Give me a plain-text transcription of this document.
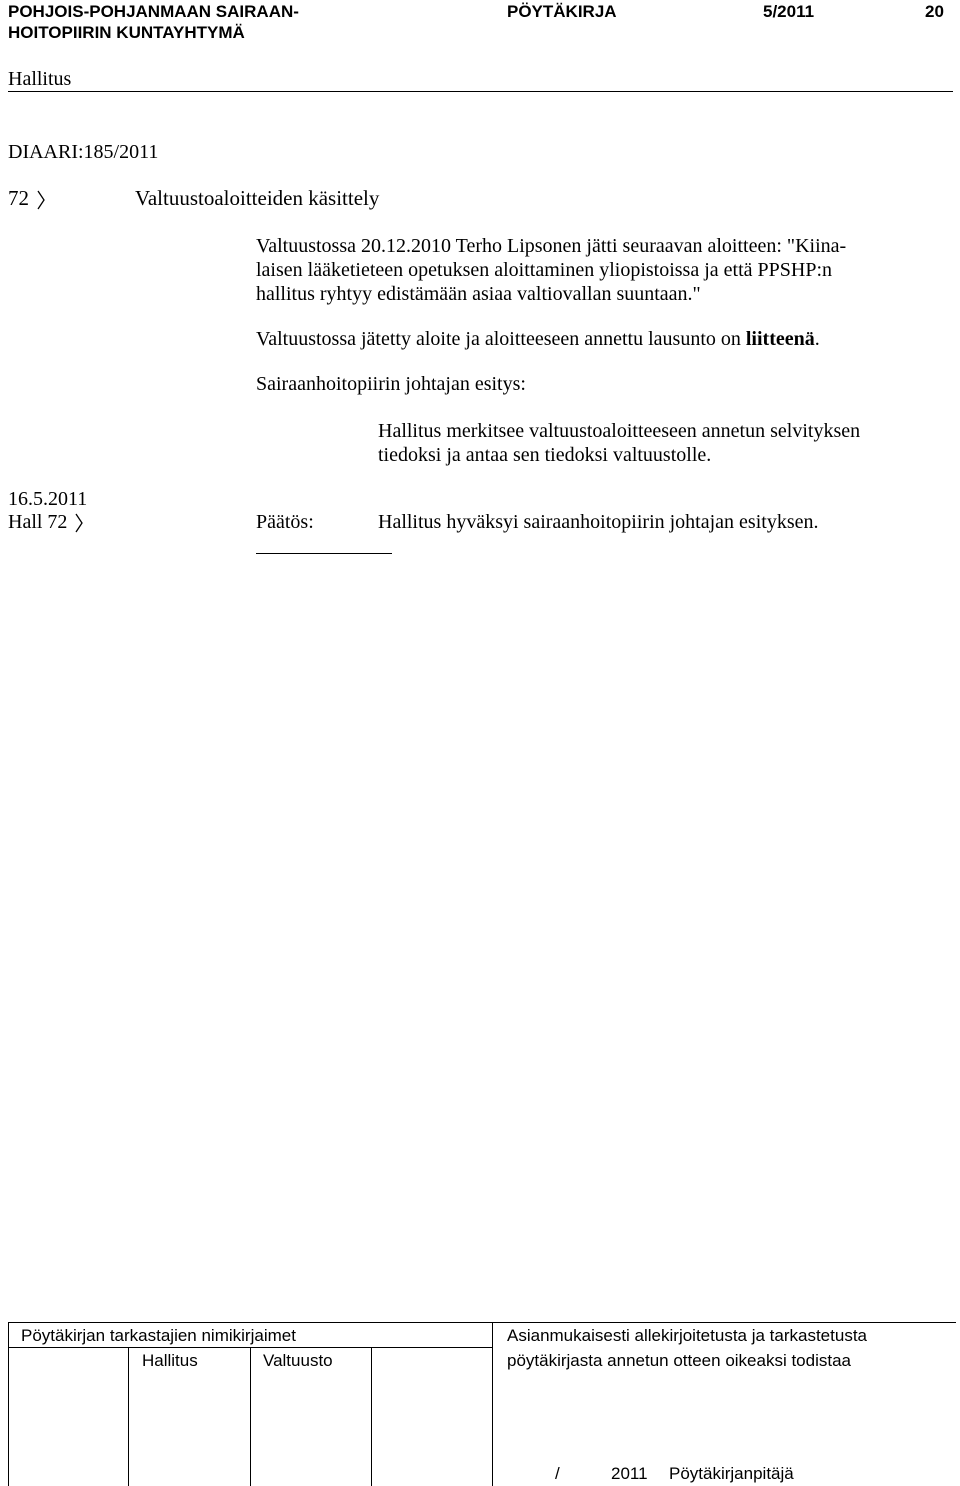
POHJOIS-POHJANMAAN SAIRAAN-
HOITOPIIRIN KUNTAYHTYMÄ
PÖYTÄKIRJA	5/2011	20
Hallitus
DIAARI:185/2011
72	Valtuustoaloitteiden käsittely
Valtuustossa 20.12.2010 Terho Lipsonen jätti seuraavan aloitteen: "Kiina-
laisen lääketieteen opetuksen aloittaminen yliopistoissa ja että PPSHP:n
hallitus ryhtyy edistämään asiaa valtiovallan suuntaan."
Valtuustossa jätetty aloite ja aloitteeseen annettu lausunto on liitteenä.
Sairaanhoitopiirin johtajan esitys:
Hallitus merkitsee valtuustoaloitteeseen annetun selvityksen
tiedoksi ja antaa sen tiedoksi valtuustolle.
16.5.2011
Hall 72	Päätös:	Hallitus hyväksyi sairaanhoitopiirin johtajan esityksen.
Pöytäkirjan tarkastajien nimikirjaimet
Hallitus	Valtuusto
Asianmukaisesti allekirjoitetusta ja tarkastetusta
pöytäkirjasta annetun otteen oikeaksi todistaa
/	2011 Pöytäkirjanpitäjä
